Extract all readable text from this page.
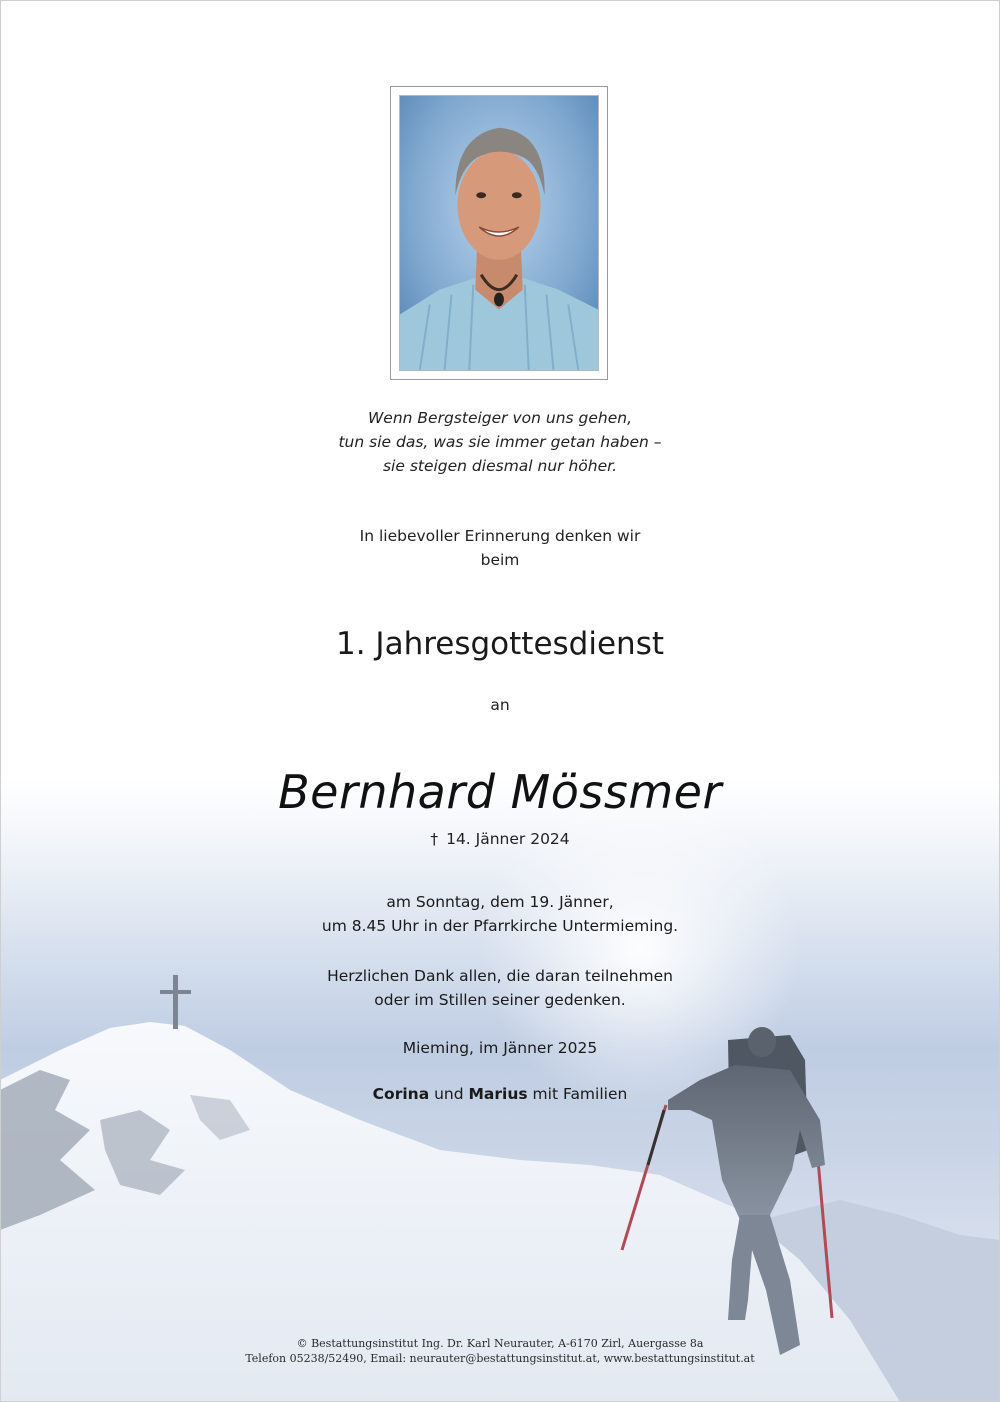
Wenn Bergsteiger von uns gehen,
tun sie das, was sie immer getan haben –
sie steigen diesmal nur höher.

In liebevoller Erinnerung denken wir
beim

1. Jahresgottesdienst

an

Bernhard Mössmer

† 14. Jänner 2024

am Sonntag, dem 19. Jänner,
um 8.45 Uhr in der Pfarrkirche Untermieming.

Herzlichen Dank allen, die daran teilnehmen
oder im Stillen seiner gedenken.

Mieming, im Jänner 2025

Corina und Marius mit Familien

© Bestattungsinstitut Ing. Dr. Karl Neurauter, A-6170 Zirl, Auergasse 8a
Telefon 05238/52490, Email: neurauter@bestattungsinstitut.at, www.bestattungsinstitut.at
